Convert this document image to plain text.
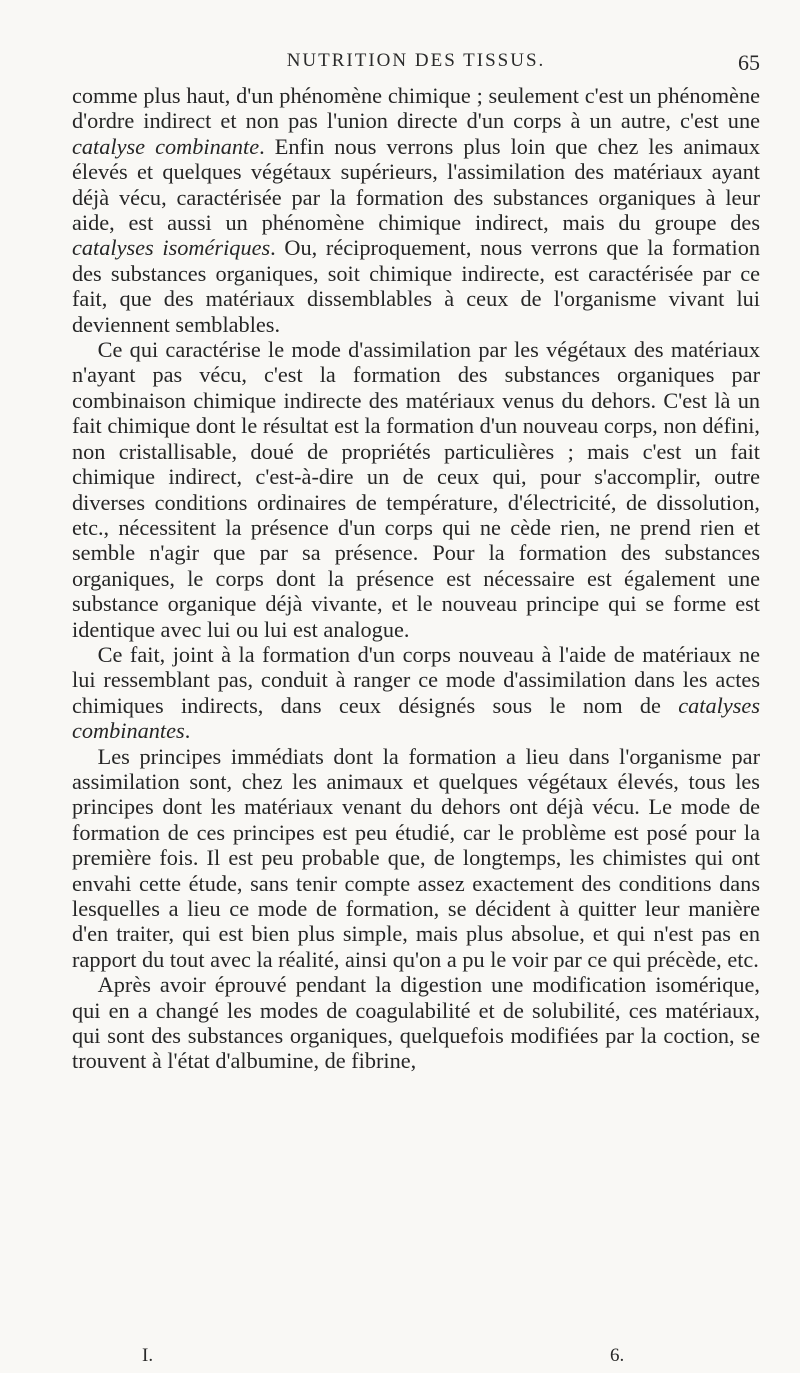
NUTRITION DES TISSUS.	65

comme plus haut, d'un phénomène chimique ; seulement c'est un phénomène d'ordre indirect et non pas l'union directe d'un corps à un autre, c'est une catalyse combinante. Enfin nous verrons plus loin que chez les animaux élevés et quelques végétaux supérieurs, l'assimilation des matériaux ayant déjà vécu, caractérisée par la formation des substances organiques à leur aide, est aussi un phénomène chimique indirect, mais du groupe des catalyses isomériques. Ou, réciproquement, nous verrons que la formation des substances organiques, soit chimique indirecte, est caractérisée par ce fait, que des matériaux dissemblables à ceux de l'organisme vivant lui deviennent semblables.

Ce qui caractérise le mode d'assimilation par les végétaux des matériaux n'ayant pas vécu, c'est la formation des substances organiques par combinaison chimique indirecte des matériaux venus du dehors. C'est là un fait chimique dont le résultat est la formation d'un nouveau corps, non défini, non cristallisable, doué de propriétés particulières ; mais c'est un fait chimique indirect, c'est-à-dire un de ceux qui, pour s'accomplir, outre diverses conditions ordinaires de température, d'électricité, de dissolution, etc., nécessitent la présence d'un corps qui ne cède rien, ne prend rien et semble n'agir que par sa présence. Pour la formation des substances organiques, le corps dont la présence est nécessaire est également une substance organique déjà vivante, et le nouveau principe qui se forme est identique avec lui ou lui est analogue.

Ce fait, joint à la formation d'un corps nouveau à l'aide de matériaux ne lui ressemblant pas, conduit à ranger ce mode d'assimilation dans les actes chimiques indirects, dans ceux désignés sous le nom de catalyses combinantes.

Les principes immédiats dont la formation a lieu dans l'organisme par assimilation sont, chez les animaux et quelques végétaux élevés, tous les principes dont les matériaux venant du dehors ont déjà vécu. Le mode de formation de ces principes est peu étudié, car le problème est posé pour la première fois. Il est peu probable que, de longtemps, les chimistes qui ont envahi cette étude, sans tenir compte assez exactement des conditions dans lesquelles a lieu ce mode de formation, se décident à quitter leur manière d'en traiter, qui est bien plus simple, mais plus absolue, et qui n'est pas en rapport du tout avec la réalité, ainsi qu'on a pu le voir par ce qui précède, etc.

Après avoir éprouvé pendant la digestion une modification isomérique, qui en a changé les modes de coagulabilité et de solubilité, ces matériaux, qui sont des substances organiques, quelquefois modifiées par la coction, se trouvent à l'état d'albumine, de fibrine,

I.	6.
